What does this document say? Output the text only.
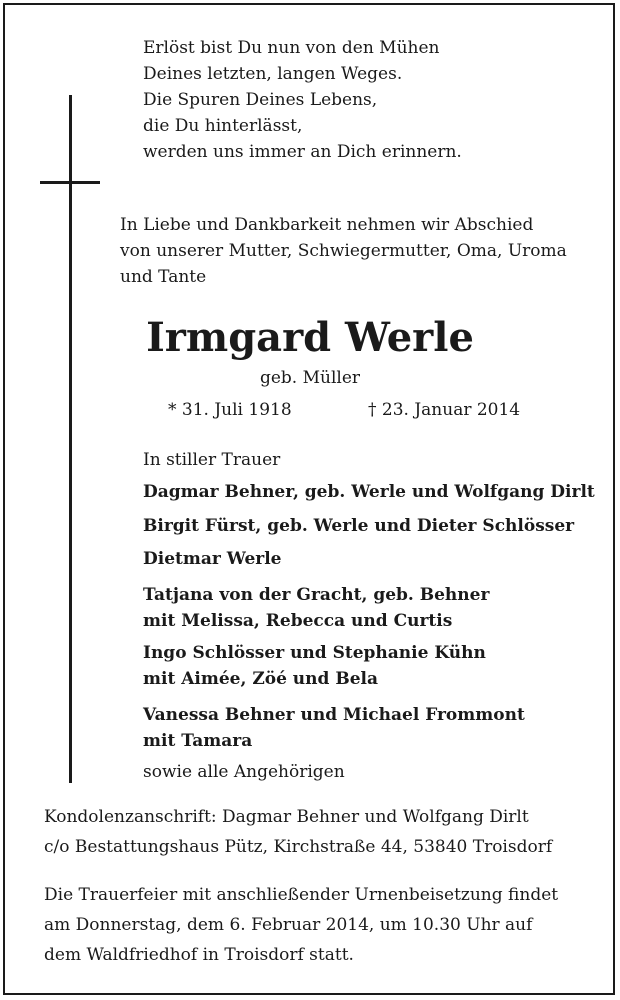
Erlöst bist Du nun von den Mühen
Deines letzten, langen Weges.
Die Spuren Deines Lebens,
die Du hinterlässt,
werden uns immer an Dich erinnern.
In Liebe und Dankbarkeit nehmen wir Abschied
von unserer Mutter, Schwiegermutter, Oma, Uroma
und Tante
Irmgard Werle
geb. Müller
* 31. Juli 1918	† 23. Januar 2014
In stiller Trauer
Dagmar Behner, geb. Werle und Wolfgang Dirlt
Birgit Fürst, geb. Werle und Dieter Schlösser
Dietmar Werle
Tatjana von der Gracht, geb. Behner
mit Melissa, Rebecca und Curtis
Ingo Schlösser und Stephanie Kühn
mit Aimée, Zöé und Bela
Vanessa Behner und Michael Frommont
mit Tamara
sowie alle Angehörigen
Kondolenzanschrift: Dagmar Behner und Wolfgang Dirlt
c/o Bestattungshaus Pütz, Kirchstraße 44, 53840 Troisdorf
Die Trauerfeier mit anschließender Urnenbeisetzung findet
am Donnerstag, dem 6. Februar 2014, um 10.30 Uhr auf
dem Waldfriedhof in Troisdorf statt.
